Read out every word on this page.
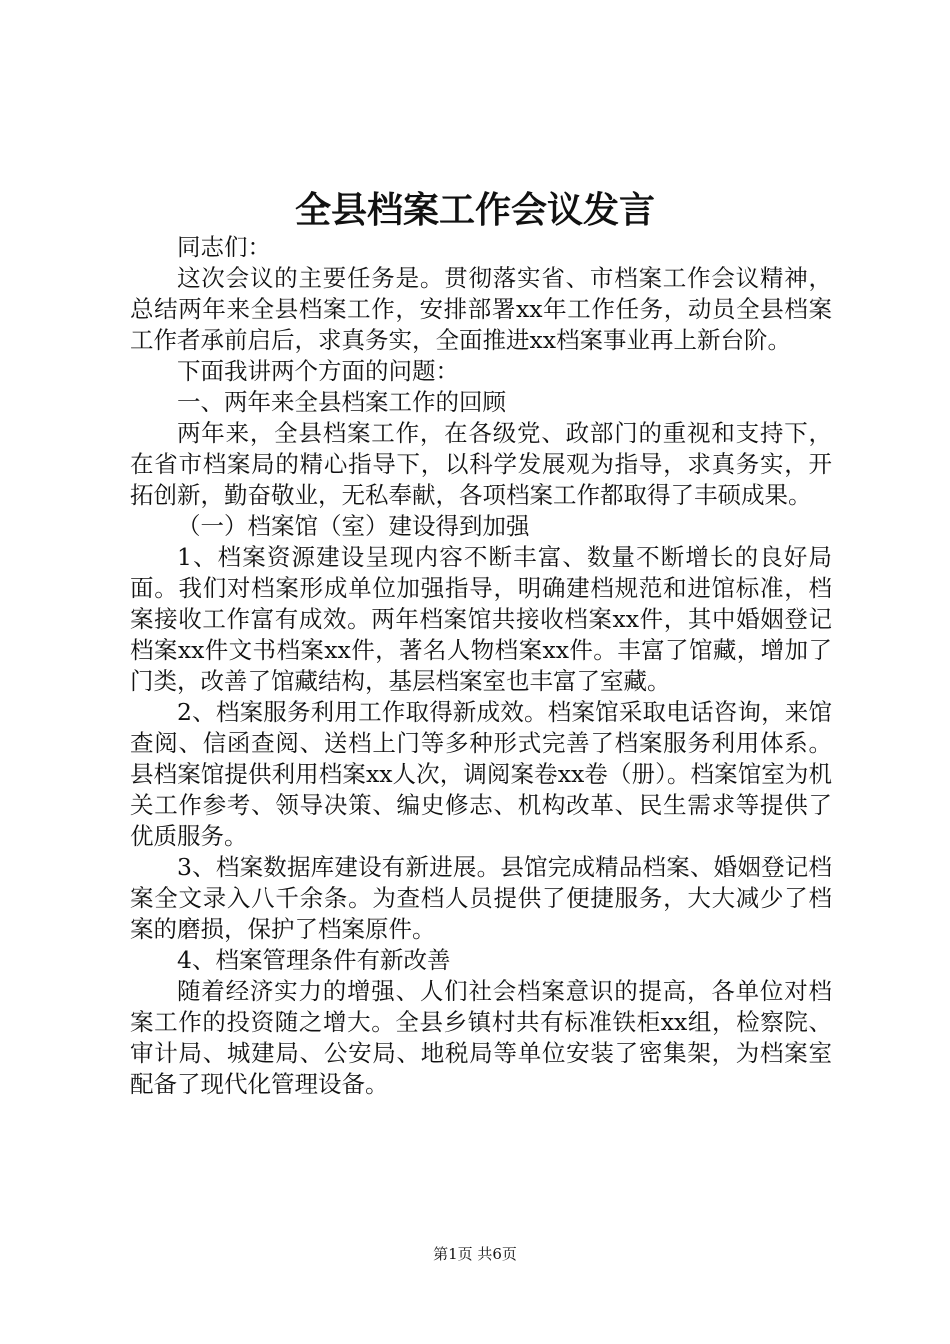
全县档案工作会议发言

同志们：

这次会议的主要任务是。贯彻落实省、市档案工作会议精神，总结两年来全县档案工作，安排部署xx年工作任务，动员全县档案工作者承前启后，求真务实，全面推进xx档案事业再上新台阶。

下面我讲两个方面的问题：

一、两年来全县档案工作的回顾

两年来，全县档案工作，在各级党、政部门的重视和支持下，在省市档案局的精心指导下，以科学发展观为指导，求真务实，开拓创新，勤奋敬业，无私奉献，各项档案工作都取得了丰硕成果。

（一）档案馆（室）建设得到加强

1、档案资源建设呈现内容不断丰富、数量不断增长的良好局面。我们对档案形成单位加强指导，明确建档规范和进馆标准，档案接收工作富有成效。两年档案馆共接收档案xx件，其中婚姻登记档案xx件文书档案xx件，著名人物档案xx件。丰富了馆藏，增加了门类，改善了馆藏结构，基层档案室也丰富了室藏。

2、档案服务利用工作取得新成效。档案馆采取电话咨询，来馆查阅、信函查阅、送档上门等多种形式完善了档案服务利用体系。县档案馆提供利用档案xx人次，调阅案卷xx卷（册）。档案馆室为机关工作参考、领导决策、编史修志、机构改革、民生需求等提供了优质服务。

3、档案数据库建设有新进展。县馆完成精品档案、婚姻登记档案全文录入八千余条。为查档人员提供了便捷服务，大大减少了档案的磨损，保护了档案原件。

4、档案管理条件有新改善

随着经济实力的增强、人们社会档案意识的提高，各单位对档案工作的投资随之增大。全县乡镇村共有标准铁柜xx组，检察院、审计局、城建局、公安局、地税局等单位安装了密集架，为档案室配备了现代化管理设备。

第1页 共6页
